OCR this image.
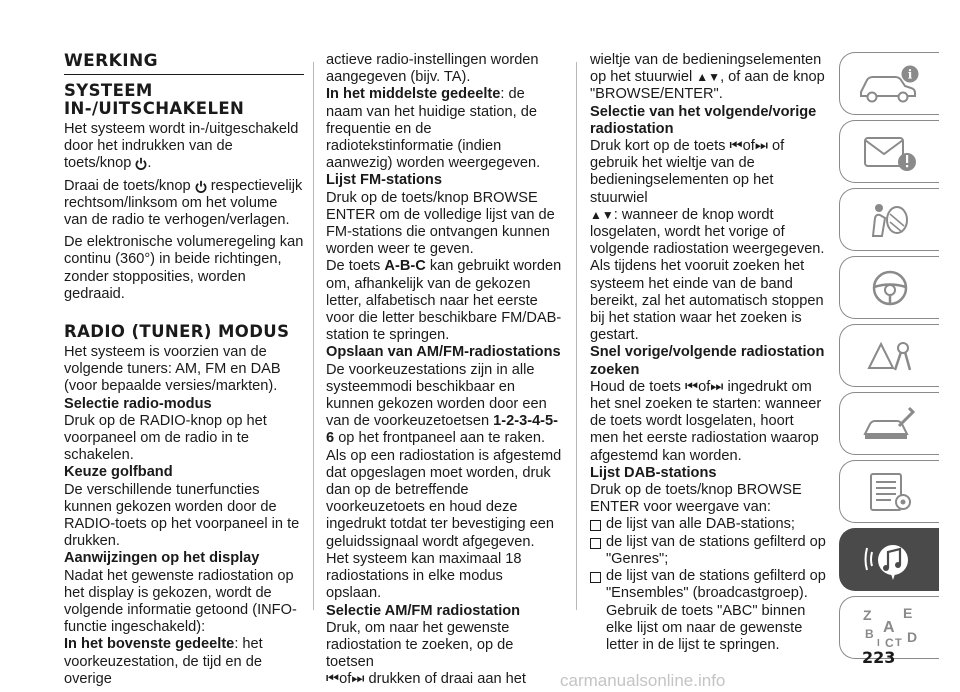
WERKING
SYSTEEM IN-/UITSCHAKELEN

Het systeem wordt in-/uitgeschakeld door het indrukken van de toets/knop .

Draai de toets/knop respectievelijk rechtsom/linksom om het volume van de radio te verhogen/verlagen.

De elektronische volumeregeling kan continu (360°) in beide richtingen, zonder stopposities, worden gedraaid.

RADIO (TUNER) MODUS

Het systeem is voorzien van de volgende tuners: AM, FM en DAB (voor bepaalde versies/markten).

Selectie radio-modus

Druk op de RADIO-knop op het voorpaneel om de radio in te schakelen.

Keuze golfband

De verschillende tunerfuncties kunnen gekozen worden door de RADIO-toets op het voorpaneel in te drukken.

Aanwijzingen op het display

Nadat het gewenste radiostation op het display is gekozen, wordt de volgende informatie getoond (INFO-functie ingeschakeld):

In het bovenste gedeelte: het voorkeuzestation, de tijd en de overige

actieve radio-instellingen worden aangegeven (bijv. TA).

In het middelste gedeelte: de naam van het huidige station, de frequentie en de radiotekstinformatie (indien aanwezig) worden weergegeven.

Lijst FM-stations

Druk op de toets/knop BROWSE ENTER om de volledige lijst van de FM-stations die ontvangen kunnen worden weer te geven.

De toets A-B-C kan gebruikt worden om, afhankelijk van de gekozen letter, alfabetisch naar het eerste voor die letter beschikbare FM/DAB-station te springen.

Opslaan van AM/FM-radiostations

De voorkeuzestations zijn in alle systeemmodi beschikbaar en kunnen gekozen worden door een van de voorkeuzetoetsen 1-2-3-4-5-6 op het frontpaneel aan te raken.

Als op een radiostation is afgestemd dat opgeslagen moet worden, druk dan op de betreffende voorkeuzetoets en houd deze ingedrukt totdat ter bevestiging een geluidssignaal wordt afgegeven.

Het systeem kan maximaal 18 radiostations in elke modus opslaan.

Selectie AM/FM radiostation

Druk, om naar het gewenste radiostation te zoeken, op de toetsen
⏮of⏭ drukken of draai aan het

wieltje van de bedieningselementen op het stuurwiel ▲▼, of aan de knop "BROWSE/ENTER".

Selectie van het volgende/vorige radiostation

Druk kort op de toets ⏮of⏭ of gebruik het wieltje van de bedieningselementen op het stuurwiel
▲▼: wanneer de knop wordt losgelaten, wordt het vorige of volgende radiostation weergegeven.

Als tijdens het vooruit zoeken het systeem het einde van de band bereikt, zal het automatisch stoppen bij het station waar het zoeken is gestart.

Snel vorige/volgende radiostation zoeken

Houd de toets ⏮of⏭ ingedrukt om het snel zoeken te starten: wanneer de toets wordt losgelaten, hoort men het eerste radiostation waarop afgestemd kan worden.

Lijst DAB-stations

Druk op de toets/knop BROWSE ENTER voor weergave van:

de lijst van alle DAB-stations;
de lijst van de stations gefilterd op "Genres";
de lijst van de stations gefilterd op "Ensembles" (broadcastgroep). Gebruik de toets "ABC" binnen elke lijst om naar de gewenste letter in de lijst te springen.
i
Z E
A
B
C D
T
I
223
carmanualsonline.info
